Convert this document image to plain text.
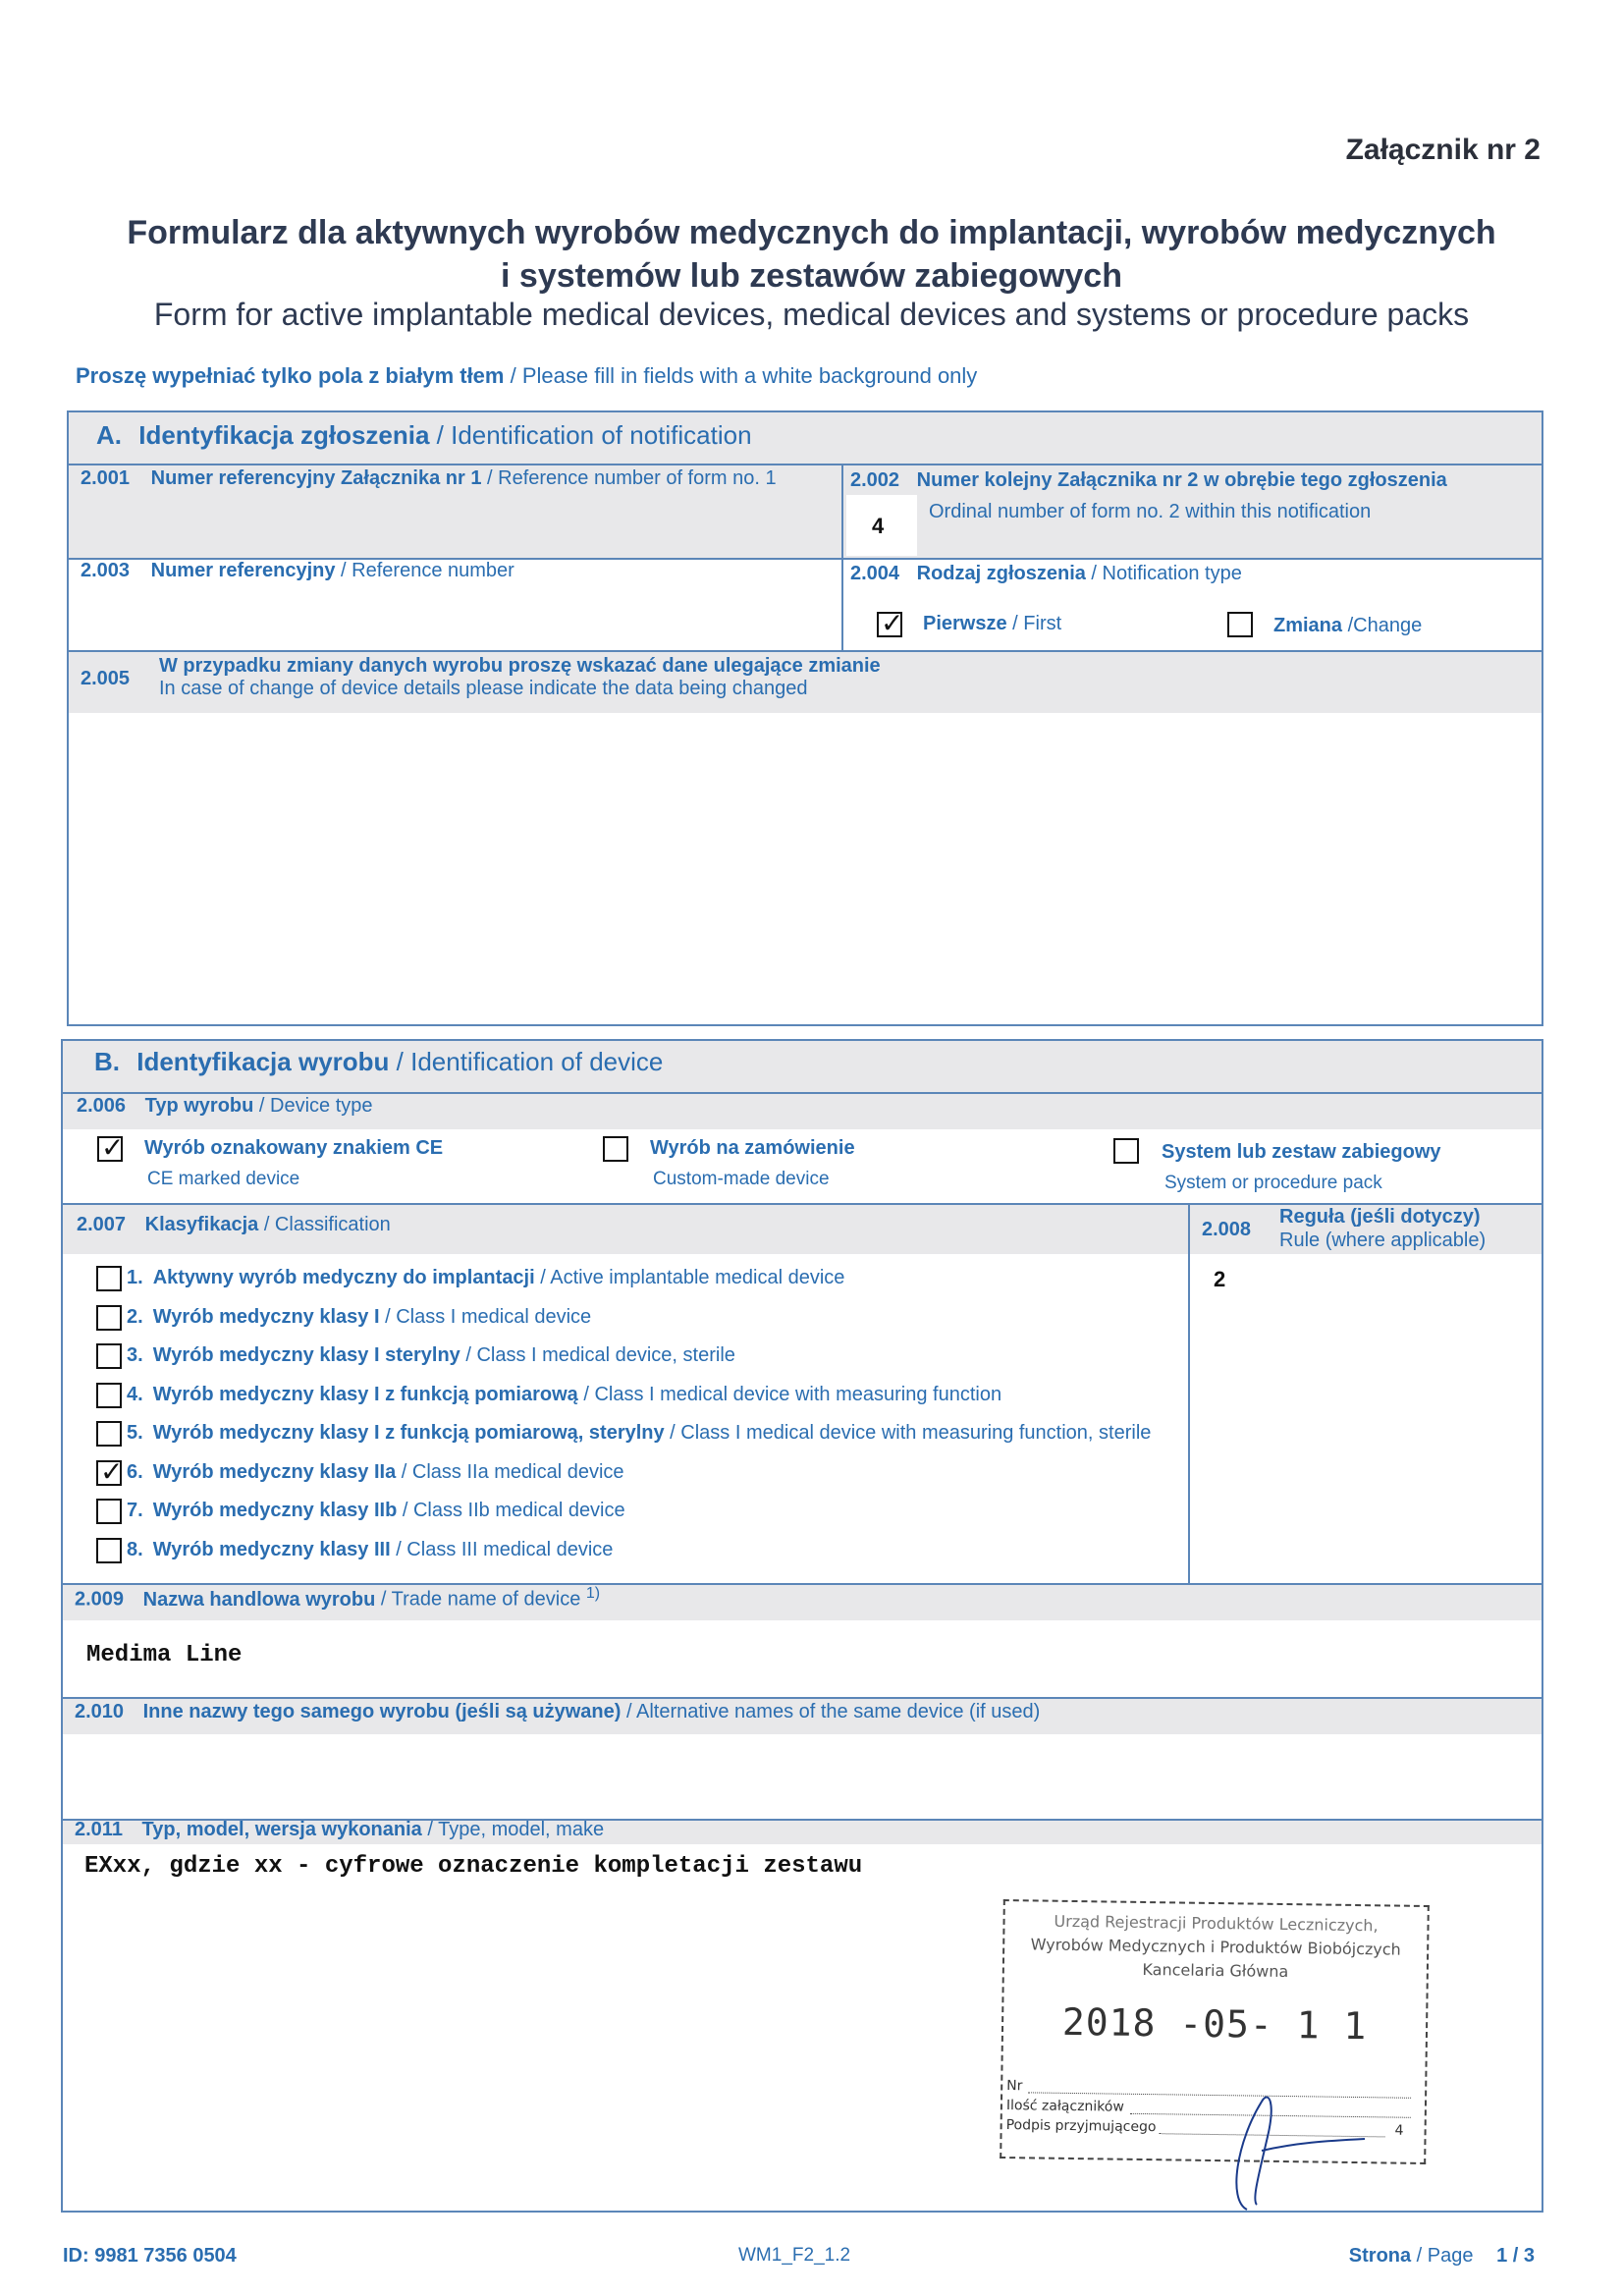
Załącznik nr 2
Formularz dla aktywnych wyrobów medycznych do implantacji, wyrobów medycznych
i systemów lub zestawów zabiegowych
Form for active implantable medical devices, medical devices and systems or procedure packs
Proszę wypełniać tylko pola z białym tłem / Please fill in fields with a white background only
A. Identyfikacja zgłoszenia / Identification of notification
2.001 Numer referencyjny Załącznika nr 1 / Reference number of form no. 1	2.002 Numer kolejny Załącznika nr 2 w obrębie tego zgłoszenia
4
Ordinal number of form no. 2 within this notification
2.003 Numer referencyjny / Reference number	2.004 Rodzaj zgłoszenia / Notification type
✓
Pierwsze / First	Zmiana /Change
2.005
W przypadku zmiany danych wyrobu proszę wskazać dane ulegające zmianie
In case of change of device details please indicate the data being changed
B. Identyfikacja wyrobu / Identification of device
2.006 Typ wyrobu / Device type
✓
Wyrób oznakowany znakiem CE
CE marked device
Wyrób na zamówienie
Custom-made device
System lub zestaw zabiegowy
System or procedure pack
2.007 Klasyfikacja / Classification	2.008
Reguła (jeśli dotyczy)
Rule (where applicable)
2
1. Aktywny wyrób medyczny do implantacji / Active implantable medical device
2. Wyrób medyczny klasy I / Class I medical device
3. Wyrób medyczny klasy I sterylny / Class I medical device, sterile
4. Wyrób medyczny klasy I z funkcją pomiarową / Class I medical device with measuring function
5. Wyrób medyczny klasy I z funkcją pomiarową, sterylny / Class I medical device with measuring function, sterile
✓
6. Wyrób medyczny klasy IIa / Class IIa medical device
7. Wyrób medyczny klasy IIb / Class IIb medical device
8. Wyrób medyczny klasy III / Class III medical device
2.009 Nazwa handlowa wyrobu / Trade name of device $^{1)}$
Medima Line
2.010 Inne nazwy tego samego wyrobu (jeśli są używane) / Alternative names of the same device (if used)
2.011 Typ, model, wersja wykonania / Type, model, make
EXxx, gdzie xx - cyfrowe oznaczenie kompletacji zestawu
Urząd Rejestracji Produktów Leczniczych,
Wyrobów Medycznych i Produktów Biobójczych
Kancelaria Główna
2018 -05- 1 1
Nr
Ilość załączników
Podpis przyjmującego	4
ID: 9981 7356 0504	WM1_F2_1.2	Strona / Page 1 / 3
